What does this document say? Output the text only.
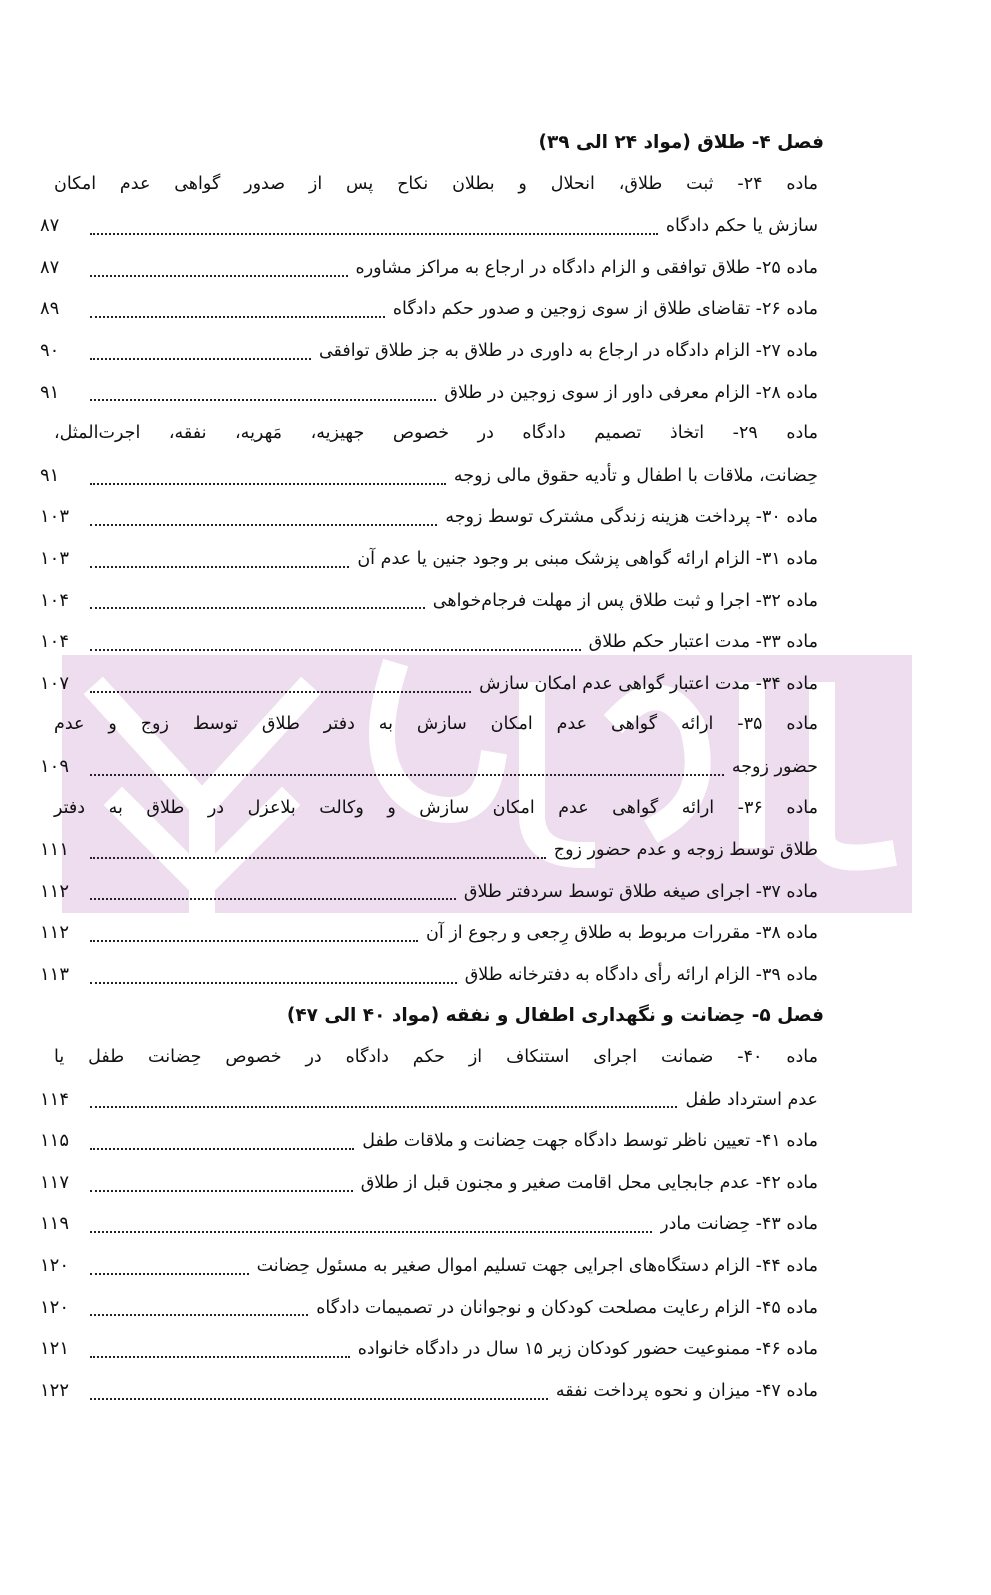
فصل ۴- طلاق (مواد ۲۴ الی ۳۹)
ماده ۲۴- ثبت طلاق، انحلال و بطلان نکاح پس از صدور گواهی عدم امکان
سازش یا حکم دادگاه
۸۷
ماده ۲۵- طلاق توافقی و الزام دادگاه در ارجاع به مراکز مشاوره
۸۷
ماده ۲۶- تقاضای طلاق از سوی زوجین و صدور حکم دادگاه
۸۹
ماده ۲۷- الزام دادگاه در ارجاع به داوری در طلاق به جز طلاق توافقی
۹۰
ماده ۲۸- الزام معرفی داور از سوی زوجین در طلاق
۹۱
ماده ۲۹- اتخاذ تصمیم دادگاه در خصوص جهیزیه، مَهریه، نفقه، اجرت‌المثل،
حِضانت، ملاقات با اطفال و تأدیه حقوق مالی زوجه
۹۱
ماده ۳۰- پرداخت هزینه زندگی مشترک توسط زوجه
۱۰۳
ماده ۳۱- الزام ارائه گواهی پزشک مبنی بر وجود جنین یا عدم آن
۱۰۳
ماده ۳۲- اجرا و ثبت طلاق پس از مهلت فرجام‌خواهی
۱۰۴
ماده ۳۳- مدت اعتبار حکم طلاق
۱۰۴
ماده ۳۴- مدت اعتبار گواهی عدم امکان سازش
۱۰۷
ماده ۳۵- ارائه گواهی عدم امکان سازش به دفتر طلاق توسط زوج و عدم
حضور زوجه
۱۰۹
ماده ۳۶- ارائه گواهی عدم امکان سازش و وکالت بلاعزل در طلاق به دفتر
طلاق توسط زوجه و عدم حضور زوج
۱۱۱
ماده ۳۷- اجرای صیغه طلاق توسط سردفتر طلاق
۱۱۲
ماده ۳۸- مقررات مربوط به طلاق رِجعی و رجوع از آن
۱۱۲
ماده ۳۹- الزام ارائه رأی دادگاه به دفترخانه طلاق
۱۱۳
فصل ۵- حِضانت و نگهداری اطفال و نفقه (مواد ۴۰ الی ۴۷)
ماده ۴۰- ضمانت اجرای استنکاف از حکم دادگاه در خصوص حِضانت طفل یا
عدم استرداد طفل
۱۱۴
ماده ۴۱- تعیین ناظر توسط دادگاه جهت حِضانت و ملاقات طفل
۱۱۵
ماده ۴۲- عدم جابجایی محل اقامت صغیر و مجنون قبل از طلاق
۱۱۷
ماده ۴۳- حِضانت مادر
۱۱۹
ماده ۴۴- الزام دستگاه‌های اجرایی جهت تسلیم اموال صغیر به مسئول حِضانت
۱۲۰
ماده ۴۵- الزام رعایت مصلحت کودکان و نوجوانان در تصمیمات دادگاه
۱۲۰
ماده ۴۶- ممنوعیت حضور کودکان زیر ۱۵ سال در دادگاه خانواده
۱۲۱
ماده ۴۷- میزان و نحوه پرداخت نفقه
۱۲۲
